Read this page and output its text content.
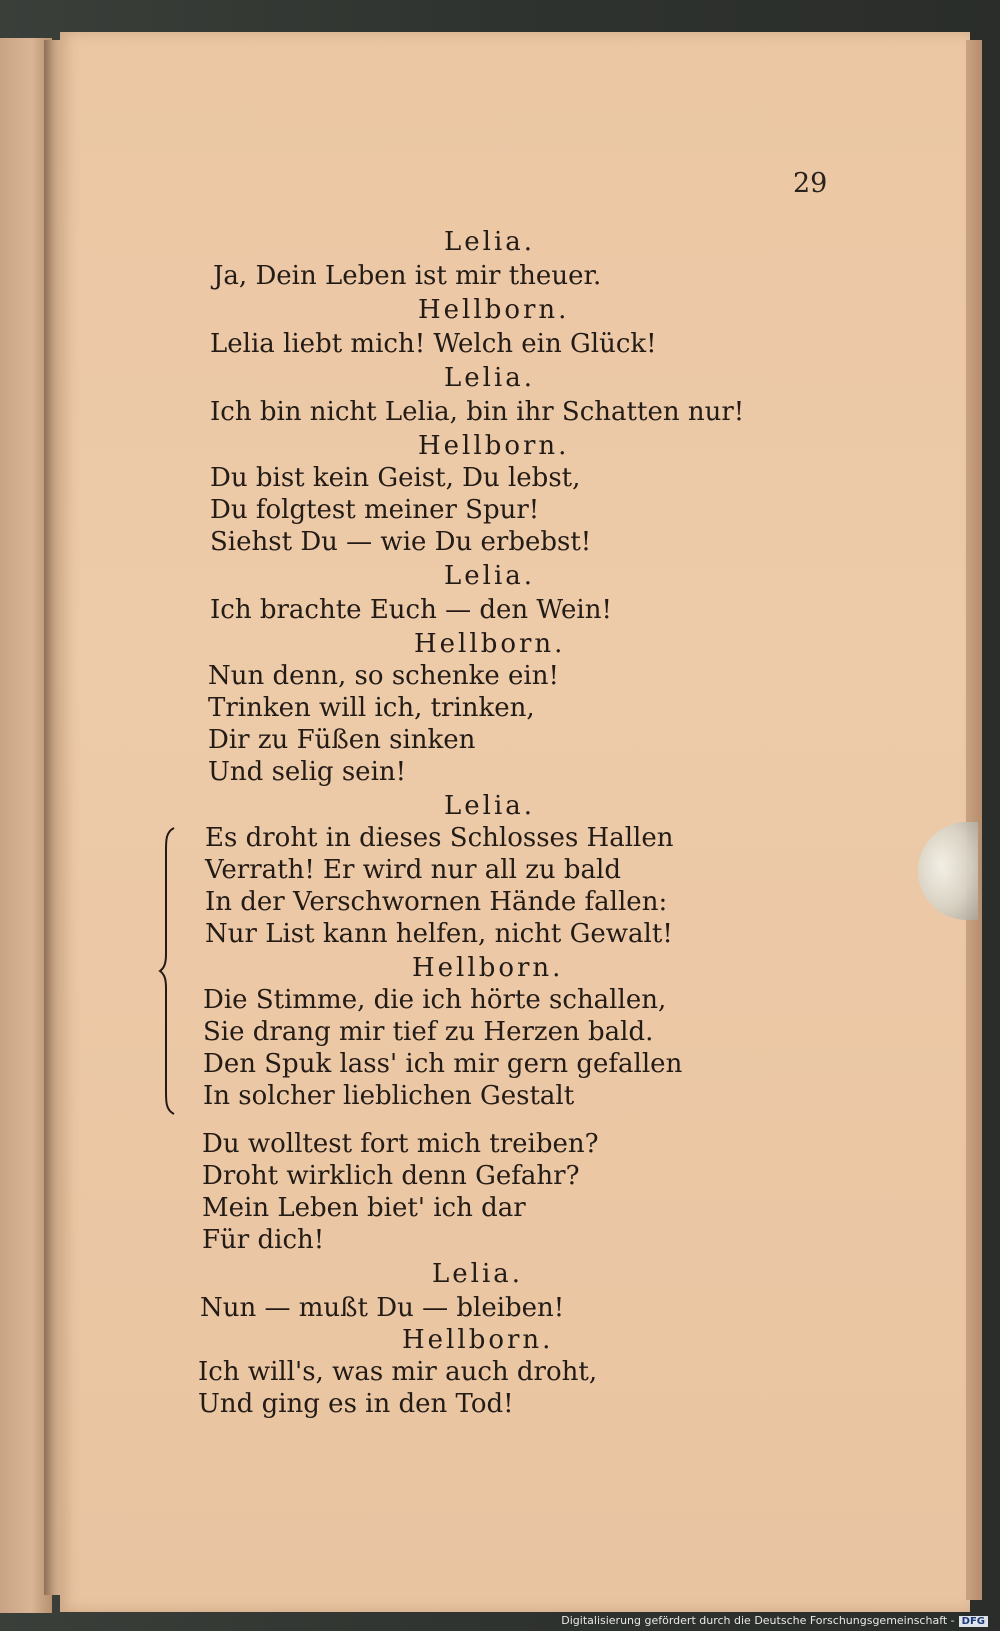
29
Lelia.
Ja, Dein Leben ist mir theuer.
Hellborn.
Lelia liebt mich! Welch ein Glück!
Lelia.
Ich bin nicht Lelia, bin ihr Schatten nur!
Hellborn.
Du bist kein Geist, Du lebst,
Du folgtest meiner Spur!
Siehst Du — wie Du erbebst!
Lelia.
Ich brachte Euch — den Wein!
Hellborn.
Nun denn, so schenke ein!
Trinken will ich, trinken,
Dir zu Füßen sinken
Und selig sein!
Lelia.
Es droht in dieses Schlosses Hallen
Verrath! Er wird nur all zu bald
In der Verschwornen Hände fallen:
Nur List kann helfen, nicht Gewalt!
Hellborn.
Die Stimme, die ich hörte schallen,
Sie drang mir tief zu Herzen bald.
Den Spuk lass' ich mir gern gefallen
In solcher lieblichen Gestalt
Du wolltest fort mich treiben?
Droht wirklich denn Gefahr?
Mein Leben biet' ich dar
Für dich!
Lelia.
Nun — mußt Du — bleiben!
Hellborn.
Ich will's, was mir auch droht,
Und ging es in den Tod!
Digitalisierung gefördert durch die Deutsche Forschungsgemeinschaft - DFG
